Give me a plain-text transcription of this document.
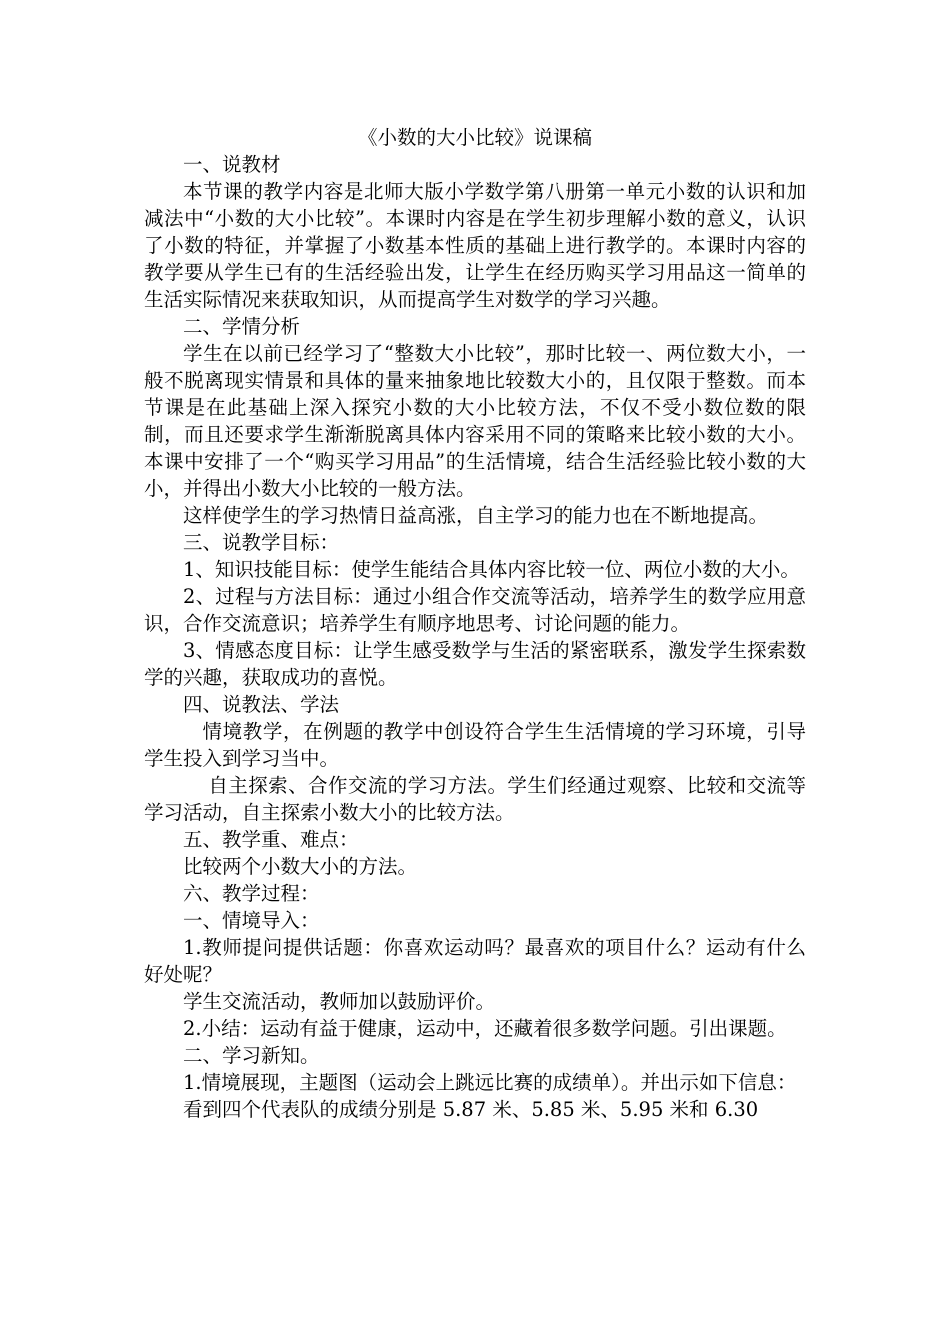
《小数的大小比较》说课稿

一、说教材

本节课的教学内容是北师大版小学数学第八册第一单元小数的认识和加减法中“小数的大小比较”。本课时内容是在学生初步理解小数的意义，认识了小数的特征，并掌握了小数基本性质的基础上进行教学的。本课时内容的教学要从学生已有的生活经验出发，让学生在经历购买学习用品这一简单的生活实际情况来获取知识，从而提高学生对数学的学习兴趣。

二、学情分析

学生在以前已经学习了“整数大小比较”，那时比较一、两位数大小，一般不脱离现实情景和具体的量来抽象地比较数大小的，且仅限于整数。而本节课是在此基础上深入探究小数的大小比较方法，不仅不受小数位数的限制，而且还要求学生渐渐脱离具体内容采用不同的策略来比较小数的大小。本课中安排了一个“购买学习用品”的生活情境，结合生活经验比较小数的大小，并得出小数大小比较的一般方法。

这样使学生的学习热情日益高涨，自主学习的能力也在不断地提高。

三、说教学目标：

1、知识技能目标：使学生能结合具体内容比较一位、两位小数的大小。

2、过程与方法目标：通过小组合作交流等活动，培养学生的数学应用意识，合作交流意识；培养学生有顺序地思考、讨论问题的能力。

3、情感态度目标：让学生感受数学与生活的紧密联系，激发学生探索数学的兴趣，获取成功的喜悦。

四、说教法、学法

情境教学，在例题的教学中创设符合学生生活情境的学习环境，引导学生投入到学习当中。

自主探索、合作交流的学习方法。学生们经通过观察、比较和交流等学习活动，自主探索小数大小的比较方法。

五、教学重、难点：

比较两个小数大小的方法。

六、教学过程：

一、情境导入：

1.教师提问提供话题：你喜欢运动吗？最喜欢的项目什么？运动有什么好处呢？

学生交流活动，教师加以鼓励评价。

2.小结：运动有益于健康，运动中，还藏着很多数学问题。引出课题。

二、学习新知。

1.情境展现，主题图（运动会上跳远比赛的成绩单）。并出示如下信息：

看到四个代表队的成绩分别是 5.87 米、5.85 米、5.95 米和 6.30
